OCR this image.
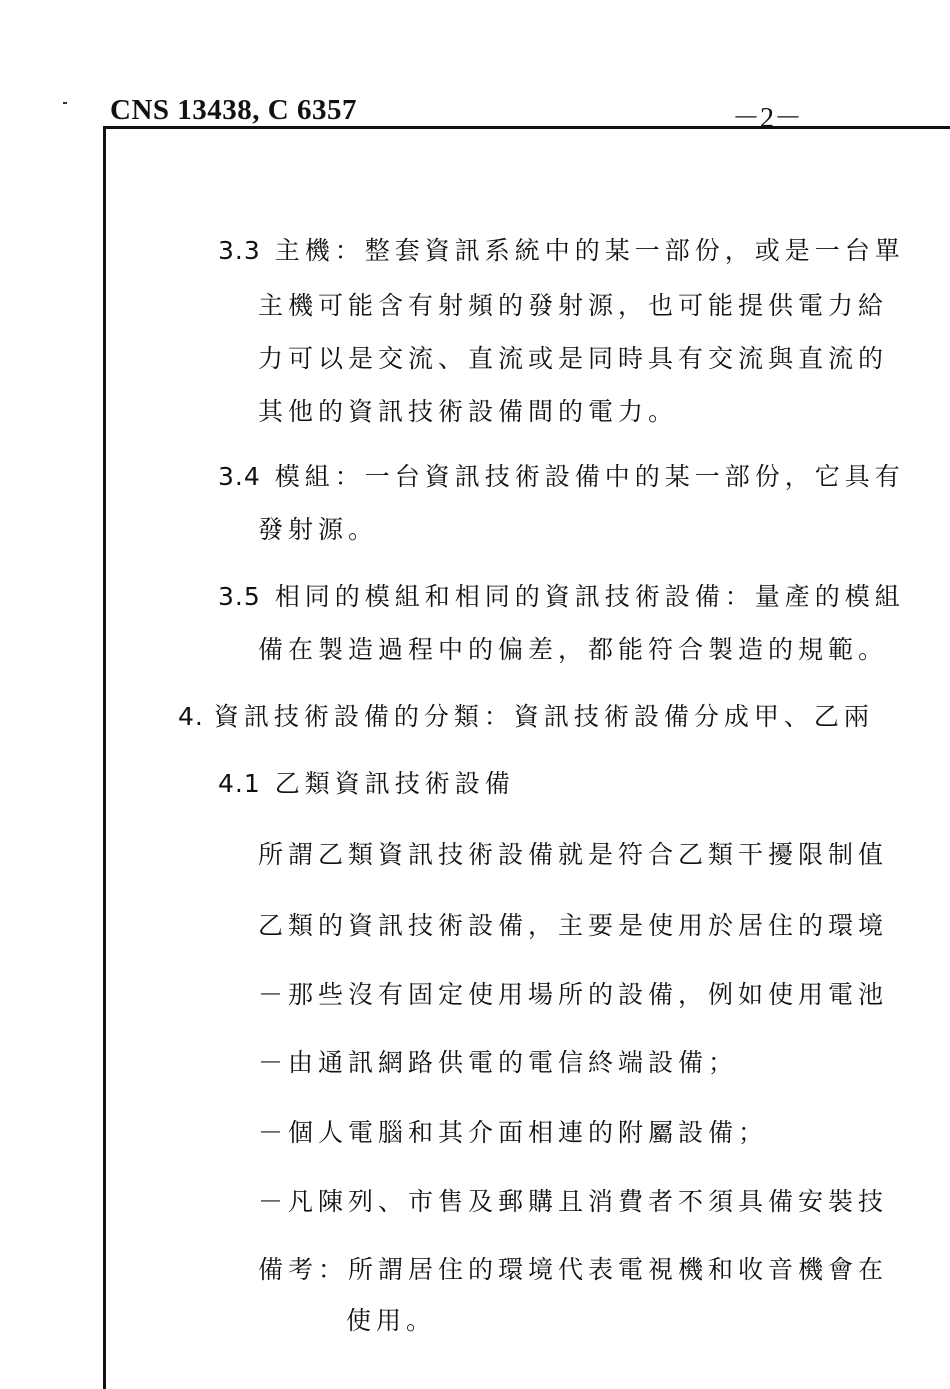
CNS 13438, C 6357	－2－
3.3 主機：整套資訊系統中的某一部份，或是一台單
主機可能含有射頻的發射源，也可能提供電力給
力可以是交流、直流或是同時具有交流與直流的
其他的資訊技術設備間的電力。
3.4 模組：一台資訊技術設備中的某一部份，它具有
發射源。
3.5 相同的模組和相同的資訊技術設備：量產的模組
備在製造過程中的偏差，都能符合製造的規範。
4. 資訊技術設備的分類：資訊技術設備分成甲、乙兩
4.1 乙類資訊技術設備
所謂乙類資訊技術設備就是符合乙類干擾限制值
乙類的資訊技術設備，主要是使用於居住的環境
－那些沒有固定使用場所的設備，例如使用電池
－由通訊網路供電的電信終端設備；
－個人電腦和其介面相連的附屬設備；
－凡陳列、市售及郵購且消費者不須具備安裝技
備考：所謂居住的環境代表電視機和收音機會在
使用。
